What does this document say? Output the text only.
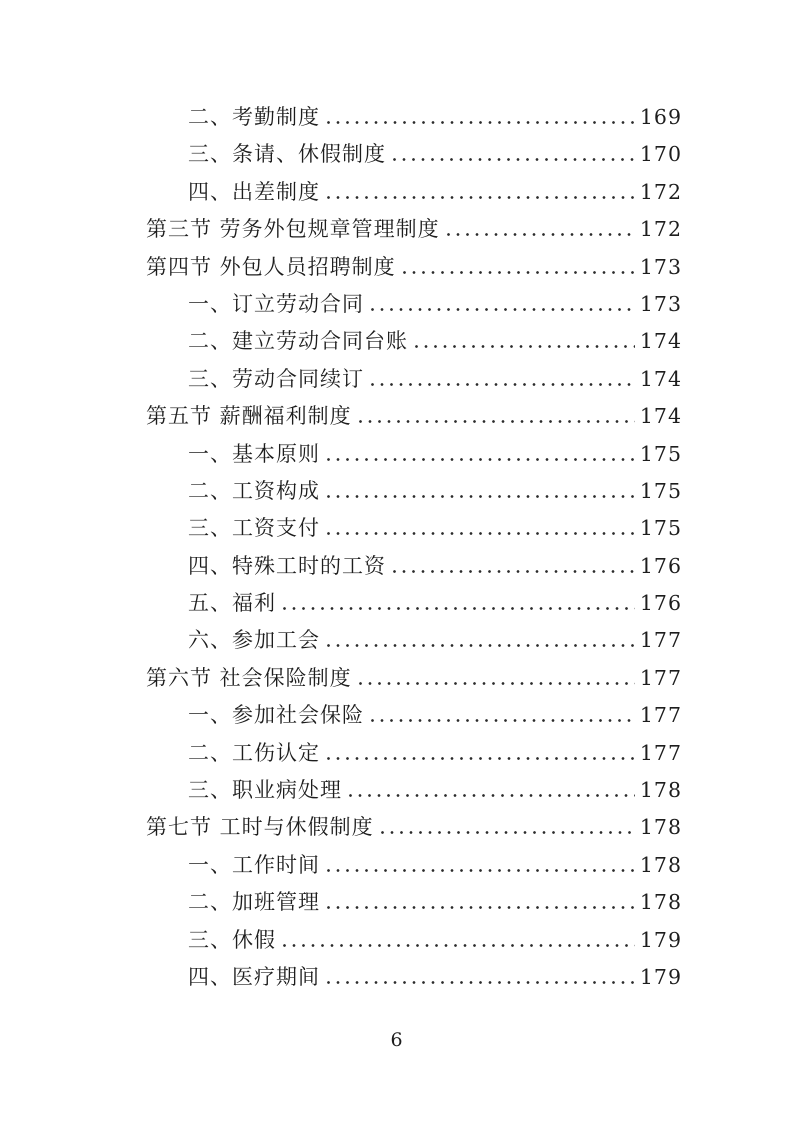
二、考勤制度	169
三、条请、休假制度	170
四、出差制度	172
第三节 劳务外包规章管理制度	172
第四节 外包人员招聘制度	173
一、订立劳动合同	173
二、建立劳动合同台账	174
三、劳动合同续订	174
第五节 薪酬福利制度	174
一、基本原则	175
二、工资构成	175
三、工资支付	175
四、特殊工时的工资	176
五、福利	176
六、参加工会	177
第六节 社会保险制度	177
一、参加社会保险	177
二、工伤认定	177
三、职业病处理	178
第七节 工时与休假制度	178
一、工作时间	178
二、加班管理	178
三、休假	179
四、医疗期间	179
6
